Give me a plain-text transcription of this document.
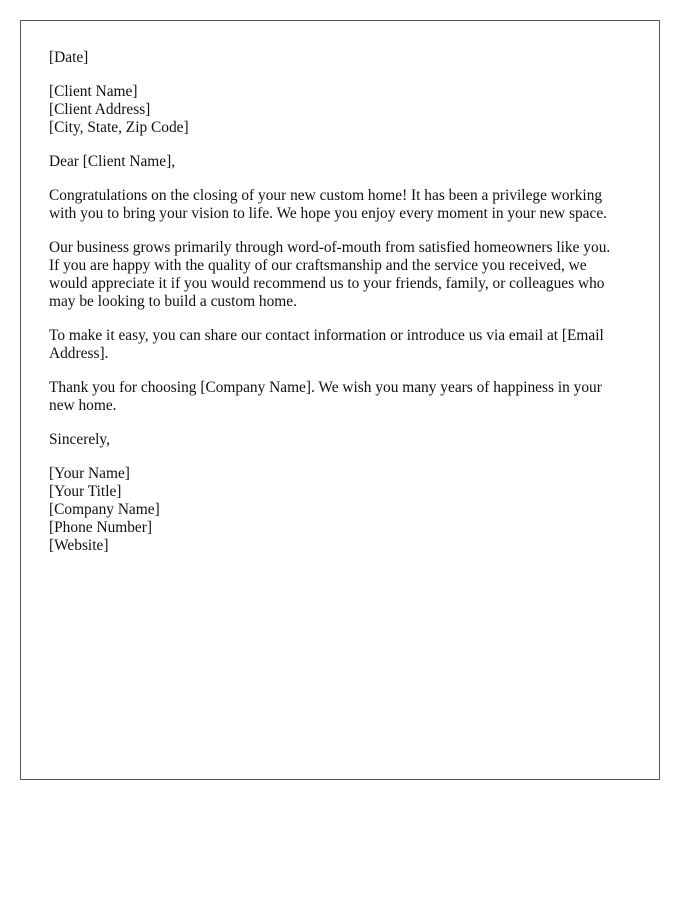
[Date]
[Client Name]
[Client Address]
[City, State, Zip Code]
Dear [Client Name],
Congratulations on the closing of your new custom home! It has been a privilege working
with you to bring your vision to life. We hope you enjoy every moment in your new space.
Our business grows primarily through word-of-mouth from satisfied homeowners like you.
If you are happy with the quality of our craftsmanship and the service you received, we
would appreciate it if you would recommend us to your friends, family, or colleagues who
may be looking to build a custom home.
To make it easy, you can share our contact information or introduce us via email at [Email
Address].
Thank you for choosing [Company Name]. We wish you many years of happiness in your
new home.
Sincerely,
[Your Name]
[Your Title]
[Company Name]
[Phone Number]
[Website]
